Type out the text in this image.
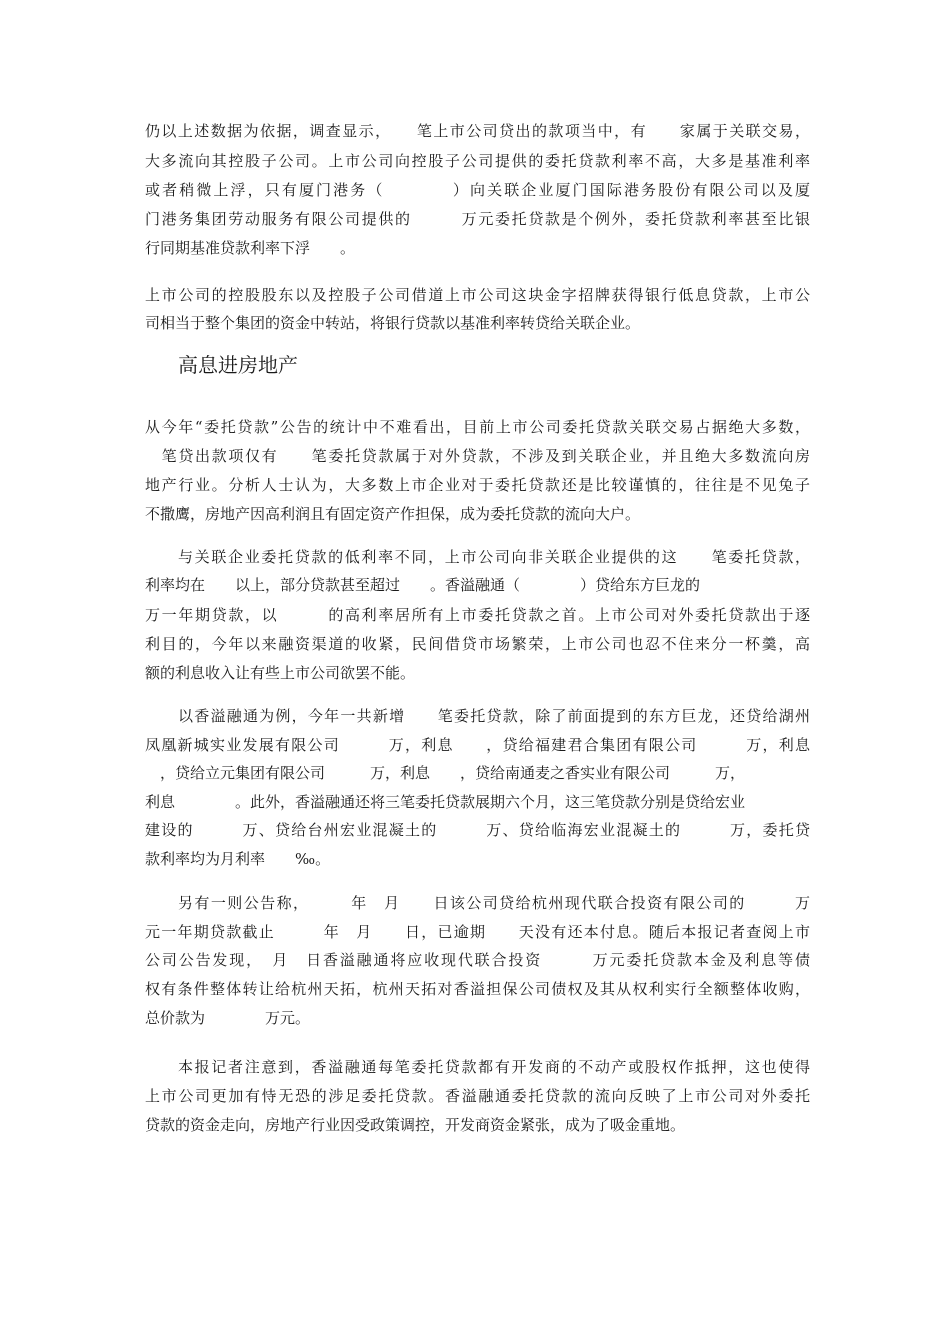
仍以上述数据为依据，调查显示，　　笔上市公司贷出的款项当中，有　　家属于关联交易，
大多流向其控股子公司。上市公司向控股子公司提供的委托贷款利率不高，大多是基准利率
或者稍微上浮，只有厦门港务（　　　　）向关联企业厦门国际港务股份有限公司以及厦
门港务集团劳动服务有限公司提供的　　　万元委托贷款是个例外，委托贷款利率甚至比银
行同期基准贷款利率下浮　　。
上市公司的控股股东以及控股子公司借道上市公司这块金字招牌获得银行低息贷款，上市公
司相当于整个集团的资金中转站，将银行贷款以基准利率转贷给关联企业。
高息进房地产
从今年“委托贷款”公告的统计中不难看出，目前上市公司委托贷款关联交易占据绝大多数，
　笔贷出款项仅有　　笔委托贷款属于对外贷款，不涉及到关联企业，并且绝大多数流向房
地产行业。分析人士认为，大多数上市企业对于委托贷款还是比较谨慎的，往往是不见兔子
不撒鹰，房地产因高利润且有固定资产作担保，成为委托贷款的流向大户。
与关联企业委托贷款的低利率不同，上市公司向非关联企业提供的这　　笔委托贷款，
利率均在　　以上，部分贷款甚至超过　　。香溢融通（　　　　）贷给东方巨龙的
万一年期贷款，以　　　的高利率居所有上市委托贷款之首。上市公司对外委托贷款出于逐
利目的，今年以来融资渠道的收紧，民间借贷市场繁荣，上市公司也忍不住来分一杯羹，高
额的利息收入让有些上市公司欲罢不能。
以香溢融通为例，今年一共新增　　笔委托贷款，除了前面提到的东方巨龙，还贷给湖州
凤凰新城实业发展有限公司　　　万，利息　　，贷给福建君合集团有限公司　　　万，利息
　，贷给立元集团有限公司　　　万，利息　　，贷给南通麦之香实业有限公司　　　万，
利息　　　　。此外，香溢融通还将三笔委托贷款展期六个月，这三笔贷款分别是贷给宏业
建设的　　　万、贷给台州宏业混凝土的　　　万、贷给临海宏业混凝土的　　　万，委托贷
款利率均为月利率　　‰。
另有一则公告称，　　　年　月　　日该公司贷给杭州现代联合投资有限公司的　　　万
元一年期贷款截止　　　年　月　　日，已逾期　　天没有还本付息。随后本报记者查阅上市
公司公告发现，　月　日香溢融通将应收现代联合投资　　　万元委托贷款本金及利息等债
权有条件整体转让给杭州天拓，杭州天拓对香溢担保公司债权及其从权利实行全额整体收购，
总价款为　　　　万元。
本报记者注意到，香溢融通每笔委托贷款都有开发商的不动产或股权作抵押，这也使得
上市公司更加有恃无恐的涉足委托贷款。香溢融通委托贷款的流向反映了上市公司对外委托
贷款的资金走向，房地产行业因受政策调控，开发商资金紧张，成为了吸金重地。
